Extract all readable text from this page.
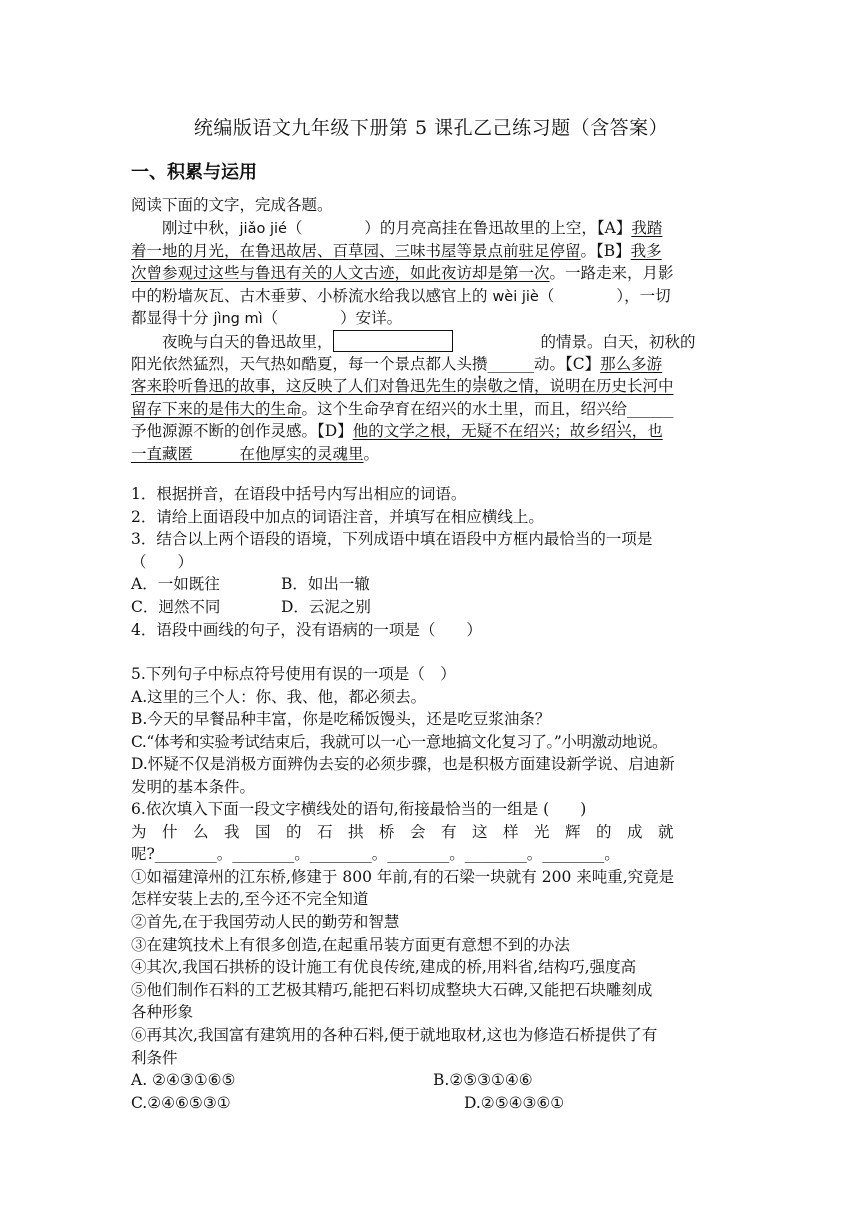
统编版语文九年级下册第 5 课孔乙己练习题（含答案）
一、积累与运用
阅读下面的文字，完成各题。
刚过中秋，jiǎo jié（　　　　）的月亮高挂在鲁迅故里的上空，【A】我踏
着一地的月光，在鲁迅故居、百草园、三味书屋等景点前驻足停留。【B】我多
次曾参观过这些与鲁迅有关的人文古迹，如此夜访却是第一次。一路走来，月影
中的粉墙灰瓦、古木垂萝、小桥流水给我以感官上的 wèi jiè（　　　　），一切
都显得十分 jìng mì（　　　　）安详。
夜晚与白天的鲁迅故里，	的情景。白天，初秋的
阳光依然猛烈，天气热如酷夏，每一个景点都人头攒______动。【C】那么多游
客来聆听鲁迅的故事，这反映了人们对鲁迅先生的崇敬之情，说明在历史长河中
留存下来的是伟大的生命。这个生命孕育在绍兴的水土里，而且，绍兴给______
予他源源不断的创作灵感。【D】他的文学之根，无疑不在绍兴；故乡绍兴，也
一直藏匿　　　在他厚实的灵魂里。
1．根据拼音，在语段中括号内写出相应的词语。
2．请给上面语段中加点的词语注音，并填写在相应横线上。
3．结合以上两个语段的语境，下列成语中填在语段中方框内最恰当的一项是
（　　）
A．一如既往	B．如出一辙
C．迥然不同	D．云泥之别
4．语段中画线的句子，没有语病的一项是（　　）
5.下列句子中标点符号使用有误的一项是（　）
A.这里的三个人：你、我、他，都必须去。
B.今天的早餐品种丰富，你是吃稀饭馒头，还是吃豆浆油条？
C.“体考和实验考试结束后，我就可以一心一意地搞文化复习了。”小明激动地说。
D.怀疑不仅是消极方面辨伪去妄的必须步骤，也是积极方面建设新学说、启迪新
发明的基本条件。
6.依次填入下面一段文字横线处的语句,衔接最恰当的一组是 (　　)
为什么我国的石拱桥会有这样光辉的成就
呢?________。________。________。________。________。________。
①如福建漳州的江东桥,修建于 800 年前,有的石梁一块就有 200 来吨重,究竟是
怎样安装上去的,至今还不完全知道
②首先,在于我国劳动人民的勤劳和智慧
③在建筑技术上有很多创造,在起重吊装方面更有意想不到的办法
④其次,我国石拱桥的设计施工有优良传统,建成的桥,用料省,结构巧,强度高
⑤他们制作石料的工艺极其精巧,能把石料切成整块大石碑,又能把石块雕刻成
各种形象
⑥再其次,我国富有建筑用的各种石料,便于就地取材,这也为修造石桥提供了有
利条件
A. ②④③①⑥⑤	B.②⑤③①④⑥
C.②④⑥⑤③①	D.②⑤④③⑥①
